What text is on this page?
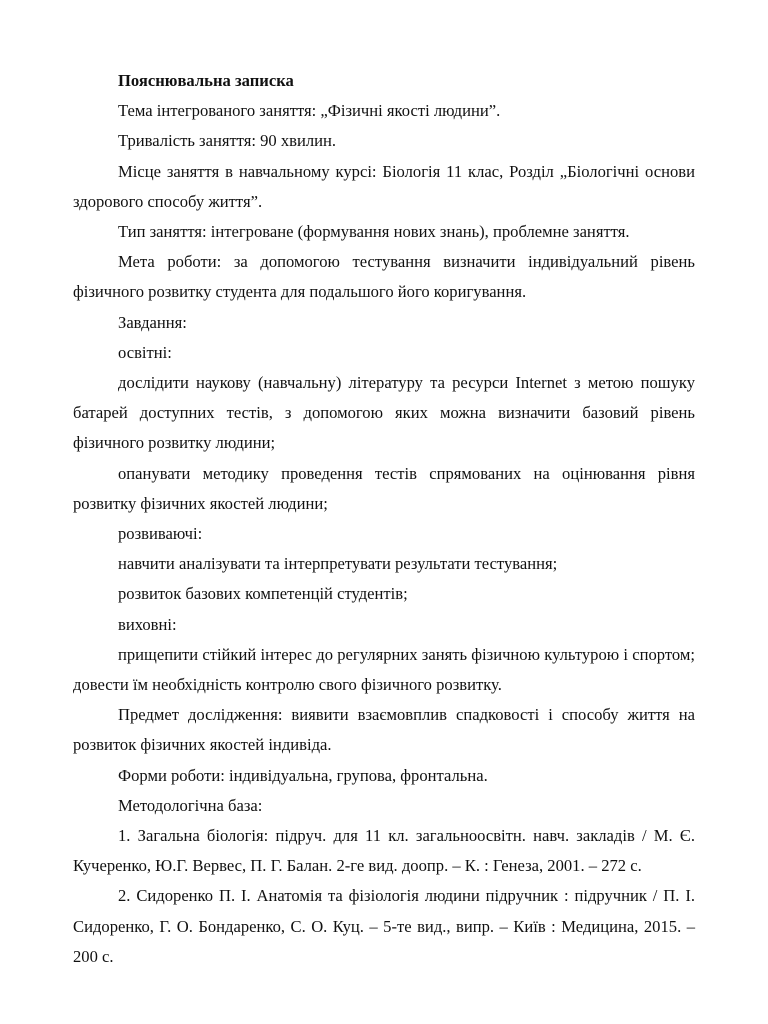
Пояснювальна записка

Тема інтегрованого заняття: „Фізичні якості людини”.

Тривалість заняття: 90 хвилин.

Місце заняття в навчальному курсі: Біологія 11 клас, Розділ „Біологічні основи здорового способу життя”.

Тип заняття: інтегроване (формування нових знань), проблемне заняття.

Мета роботи: за допомогою тестування визначити індивідуальний рівень фізичного розвитку студента для подальшого його коригування.

Завдання:

освітні:

дослідити наукову (навчальну) літературу та ресурси Internet з метою пошуку батарей доступних тестів, з допомогою яких можна визначити базовий рівень фізичного розвитку людини;

опанувати методику проведення тестів спрямованих на оцінювання рівня розвитку фізичних якостей людини;

розвиваючі:

навчити аналізувати та інтерпретувати результати тестування;

розвиток базових компетенцій студентів;

виховні:

прищепити стійкий інтерес до регулярних занять фізичною культурою і спортом; довести їм необхідність контролю свого фізичного розвитку.

Предмет дослідження: виявити взаємовплив спадковості і способу життя на розвиток фізичних якостей індивіда.

Форми роботи: індивідуальна, групова, фронтальна.

Методологічна база:

1. Загальна біологія: підруч. для 11 кл. загальноосвітн. навч. закладів / М. Є. Кучеренко, Ю.Г. Вервес, П. Г. Балан. 2-ге вид. доопр. – К. : Генеза, 2001. – 272 с.

2. Сидоренко П. І. Анатомія та фізіологія людини підручник : підручник / П. І. Сидоренко, Г. О. Бондаренко, С. О. Куц. – 5-те вид., випр. – Київ : Медицина, 2015. – 200 с.
